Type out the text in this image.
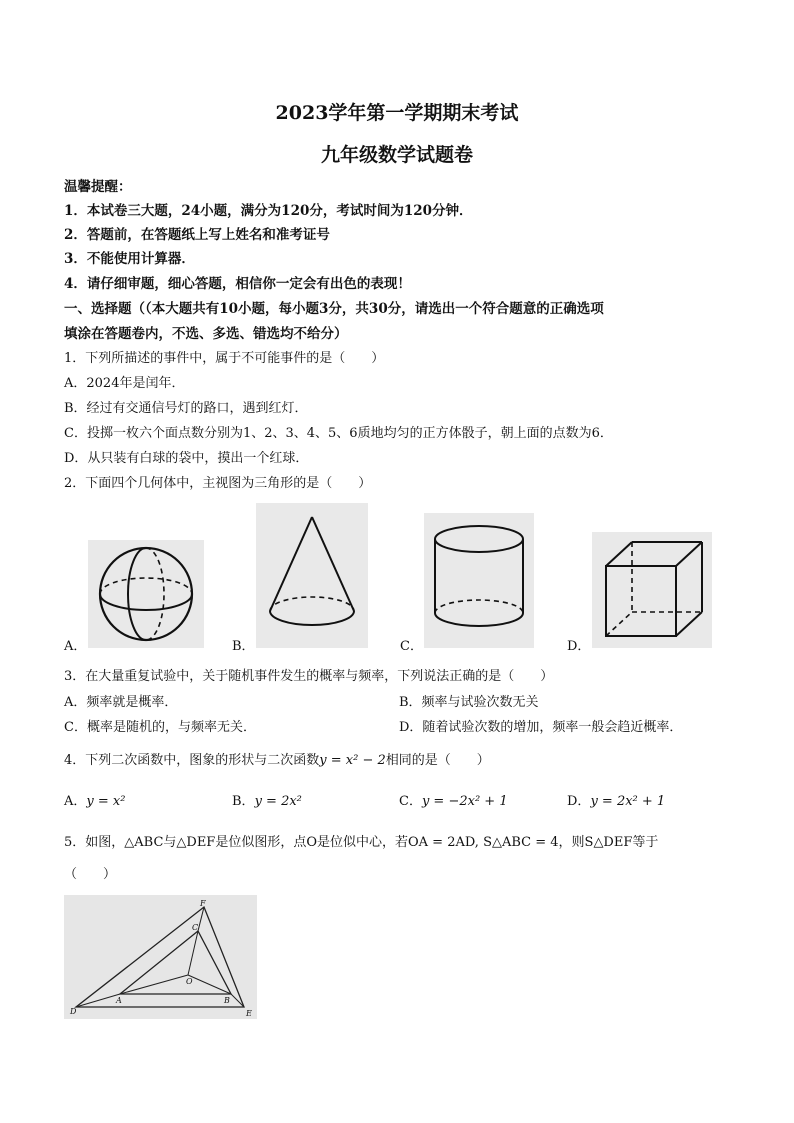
2023学年第一学期期末考试
九年级数学试题卷
温馨提醒：
1．本试卷三大题，24小题，满分为120分，考试时间为120分钟．
2．答题前，在答题纸上写上姓名和准考证号
3．不能使用计算器．
4．请仔细审题，细心答题，相信你一定会有出色的表现！
一、选择题（（本大题共有10小题，每小题3分，共30分，请选出一个符合题意的正确选项
填涂在答题卷内，不选、多选、错选均不给分）
1．下列所描述的事件中，属于不可能事件的是（　　）
A．2024年是闰年．
B．经过有交通信号灯的路口，遇到红灯．
C．投掷一枚六个面点数分别为1、2、3、4、5、6质地均匀的正方体骰子，朝上面的点数为6．
D．从只装有白球的袋中，摸出一个红球．
2．下面四个几何体中，主视图为三角形的是（　　）
A．	B．	C．	D．
3．在大量重复试验中，关于随机事件发生的概率与频率，下列说法正确的是（　　）
A．频率就是概率．	B．频率与试验次数无关
C．概率是随机的，与频率无关．	D．随着试验次数的增加，频率一般会趋近概率．
4．下列二次函数中，图象的形状与二次函数y = x² − 2相同的是（　　）
A．y = x²	B．y = 2x²	C．y = −2x² + 1	D．y = 2x² + 1
5．如图，△ABC与△DEF是位似图形，点O是位似中心，若OA = 2AD, S△ABC = 4，则S△DEF等于
（　　）
F
C
O
A	B
D	E
